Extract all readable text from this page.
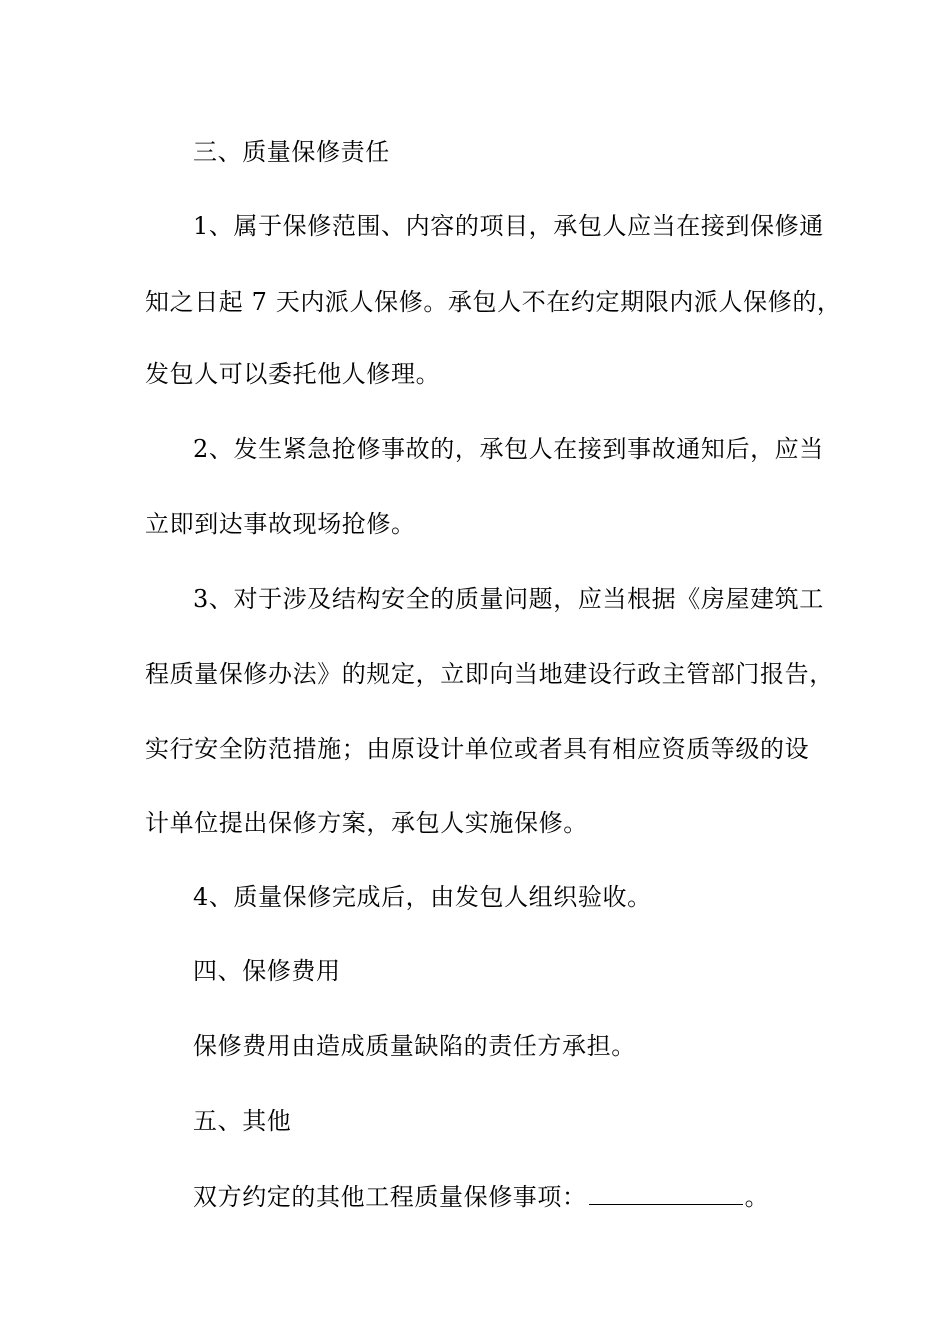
三、质量保修责任
1、属于保修范围、内容的项目，承包人应当在接到保修通
知之日起 7 天内派人保修。承包人不在约定期限内派人保修的，
发包人可以委托他人修理。
2、发生紧急抢修事故的，承包人在接到事故通知后，应当
立即到达事故现场抢修。
3、对于涉及结构安全的质量问题，应当根据《房屋建筑工
程质量保修办法》的规定，立即向当地建设行政主管部门报告，
实行安全防范措施；由原设计单位或者具有相应资质等级的设
计单位提出保修方案，承包人实施保修。
4、质量保修完成后，由发包人组织验收。
四、保修费用
保修费用由造成质量缺陷的责任方承担。
五、其他
双方约定的其他工程质量保修事项：	。
